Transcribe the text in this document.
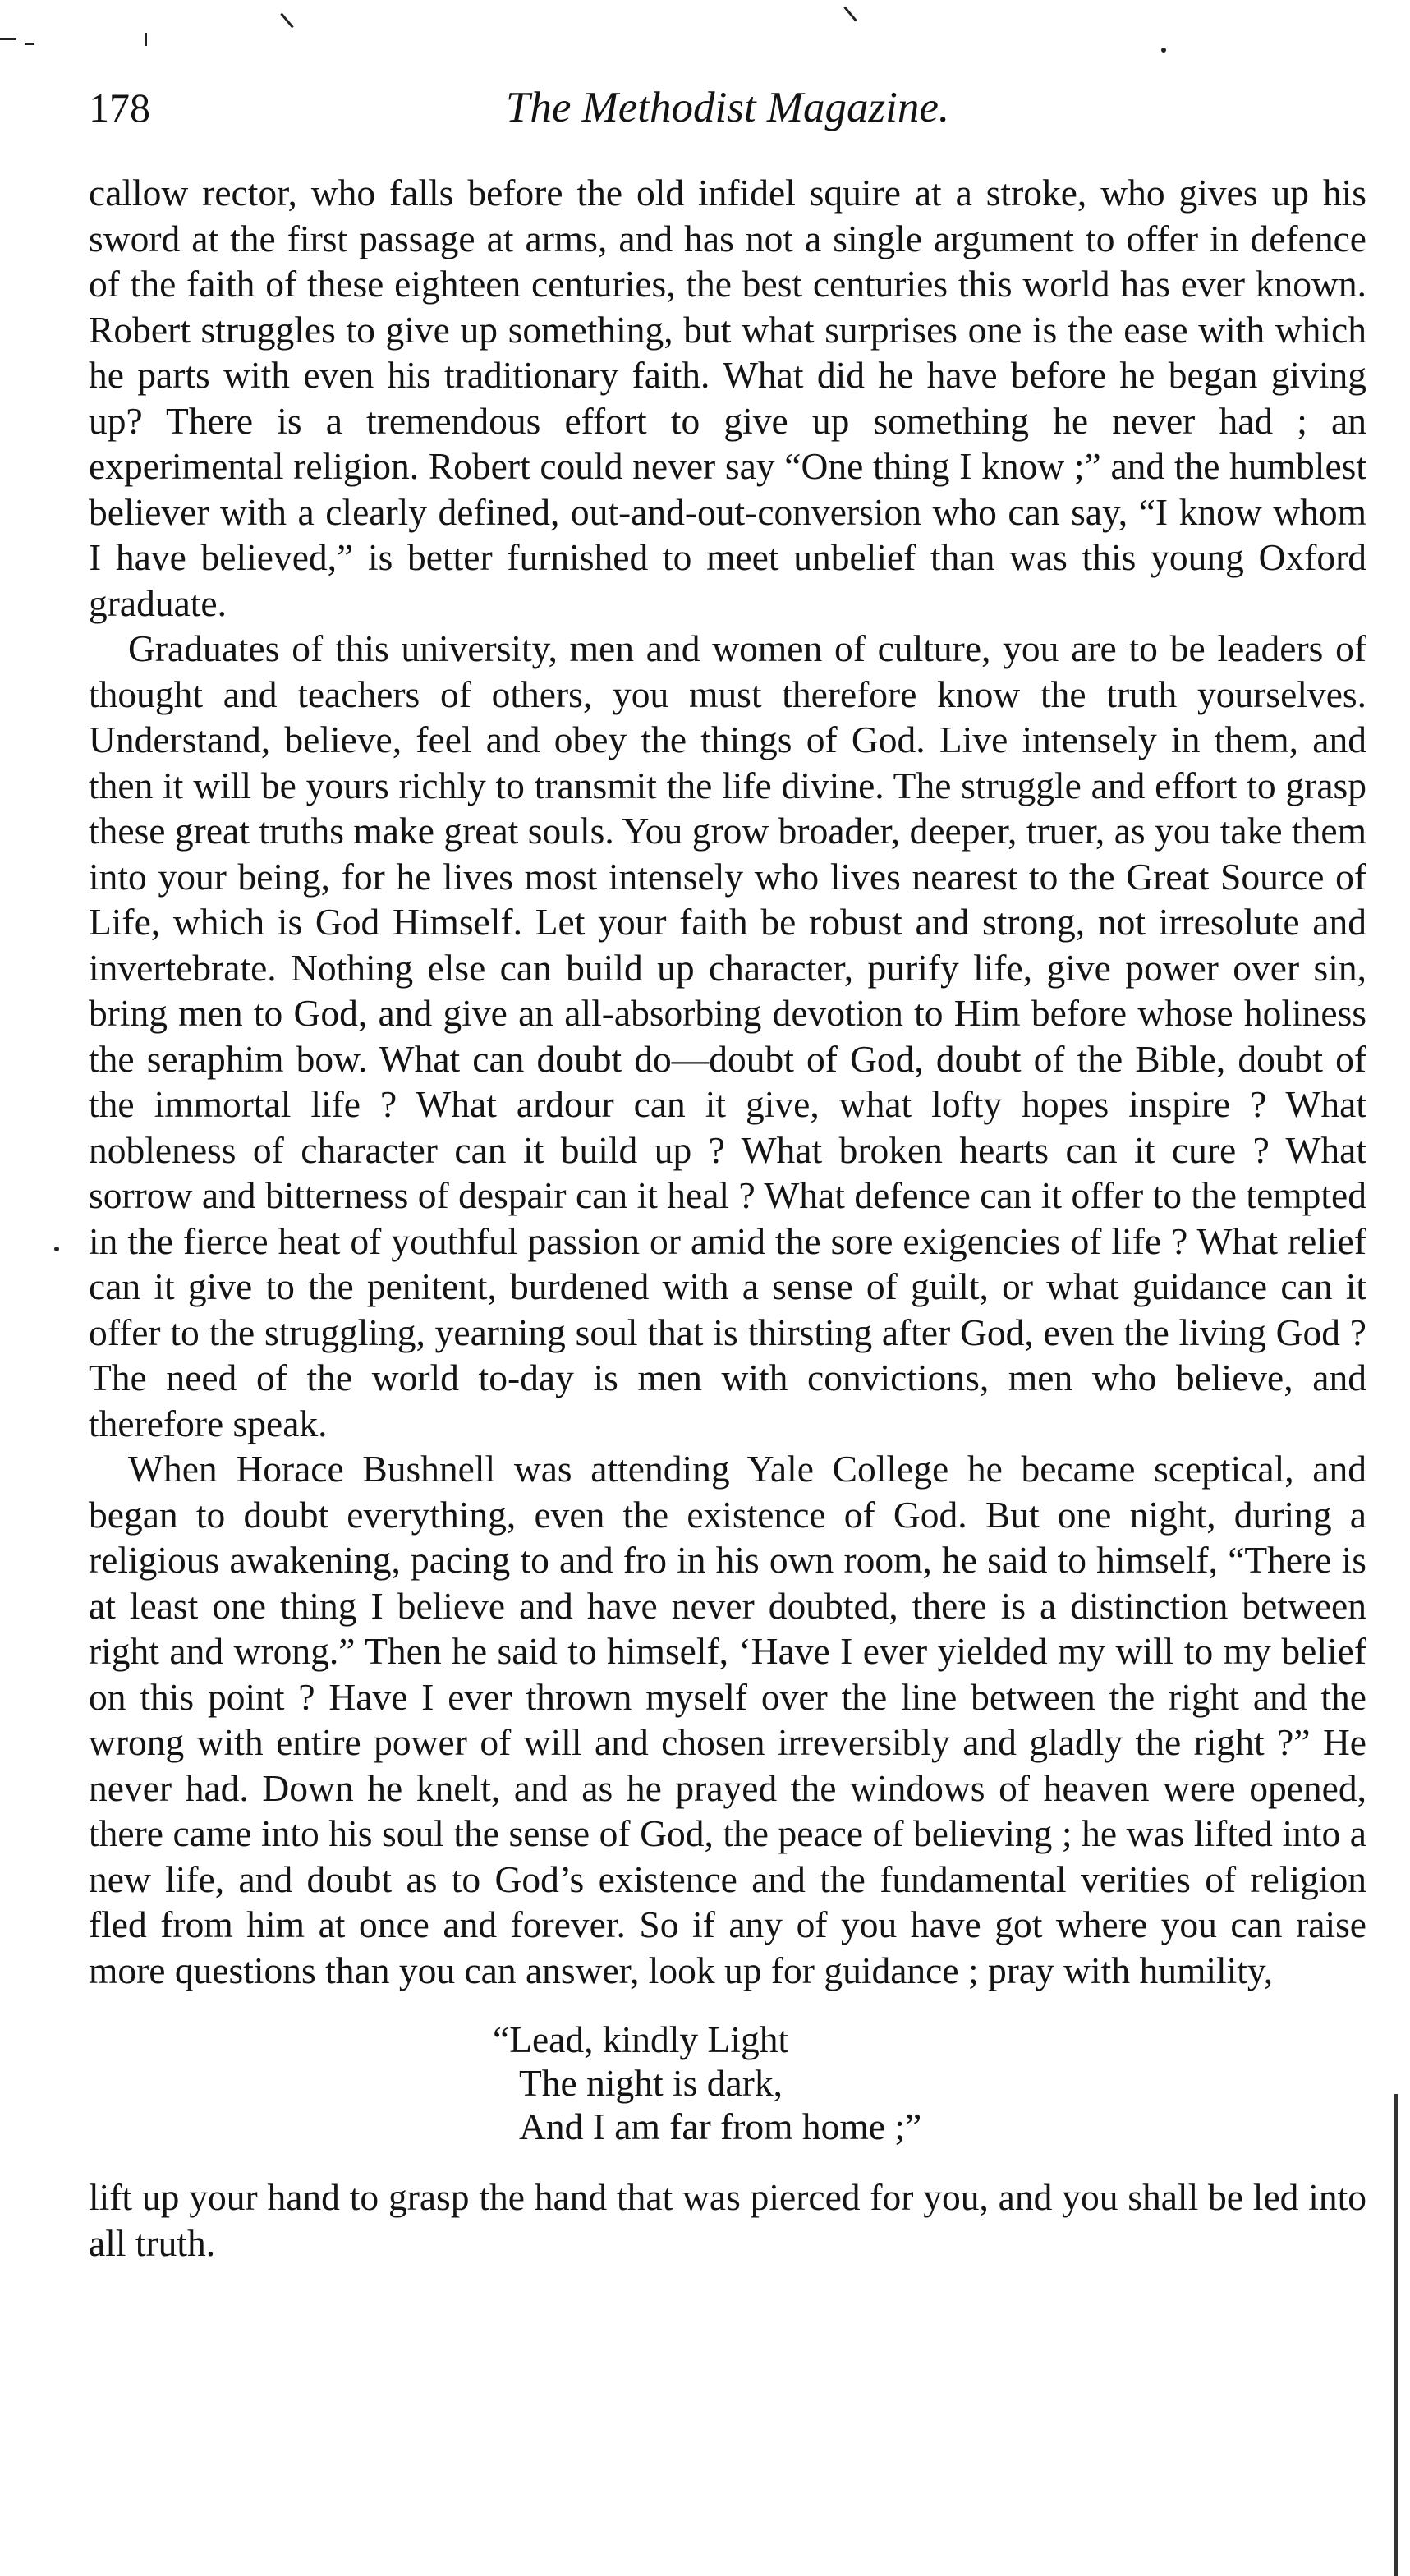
178	The Methodist Magazine.

callow rector, who falls before the old infidel squire at a stroke, who gives up his sword at the first passage at arms, and has not a single argument to offer in defence of the faith of these eighteen centuries, the best centuries this world has ever known. Robert struggles to give up something, but what surprises one is the ease with which he parts with even his traditionary faith. What did he have before he began giving up? There is a tremendous effort to give up something he never had ; an experimental religion. Robert could never say “One thing I know ;” and the humblest believer with a clearly defined, out-and-out-conversion who can say, “I know whom I have believed,” is better furnished to meet unbelief than was this young Oxford graduate.

Graduates of this university, men and women of culture, you are to be leaders of thought and teachers of others, you must therefore know the truth yourselves. Understand, believe, feel and obey the things of God. Live intensely in them, and then it will be yours richly to transmit the life divine. The struggle and effort to grasp these great truths make great souls. You grow broader, deeper, truer, as you take them into your being, for he lives most intensely who lives nearest to the Great Source of Life, which is God Himself. Let your faith be robust and strong, not irresolute and invertebrate. Nothing else can build up character, purify life, give power over sin, bring men to God, and give an all-absorbing devotion to Him before whose holiness the seraphim bow. What can doubt do—doubt of God, doubt of the Bible, doubt of the immortal life ? What ardour can it give, what lofty hopes inspire ? What nobleness of character can it build up ? What broken hearts can it cure ? What sorrow and bitterness of despair can it heal ? What defence can it offer to the tempted in the fierce heat of youthful passion or amid the sore exigencies of life ? What relief can it give to the penitent, burdened with a sense of guilt, or what guidance can it offer to the struggling, yearning soul that is thirsting after God, even the living God ? The need of the world to-day is men with convictions, men who believe, and therefore speak.

When Horace Bushnell was attending Yale College he became sceptical, and began to doubt everything, even the existence of God. But one night, during a religious awakening, pacing to and fro in his own room, he said to himself, “There is at least one thing I believe and have never doubted, there is a distinction between right and wrong.” Then he said to himself, ‘Have I ever yielded my will to my belief on this point ? Have I ever thrown myself over the line between the right and the wrong with entire power of will and chosen irreversibly and gladly the right ?” He never had. Down he knelt, and as he prayed the windows of heaven were opened, there came into his soul the sense of God, the peace of believing ; he was lifted into a new life, and doubt as to God’s existence and the fundamental verities of religion fled from him at once and forever. So if any of you have got where you can raise more questions than you can answer, look up for guidance ; pray with humility,

“Lead, kindly Light
The night is dark,
And I am far from home ;”

lift up your hand to grasp the hand that was pierced for you, and you shall be led into all truth.
